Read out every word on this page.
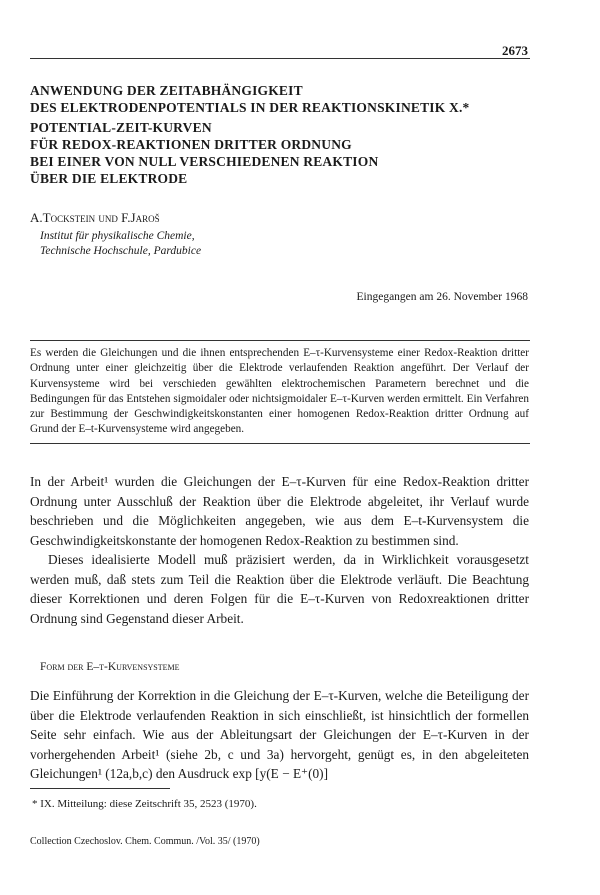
2673
ANWENDUNG DER ZEITABHÄNGIGKEIT
DES ELEKTRODENPOTENTIALS IN DER REAKTIONSKINETIK X.*
POTENTIAL-ZEIT-KURVEN
FÜR REDOX-REAKTIONEN DRITTER ORDNUNG
BEI EINER VON NULL VERSCHIEDENEN REAKTION
ÜBER DIE ELEKTRODE
A.Tockstein und F.Jaroš
Institut für physikalische Chemie,
Technische Hochschule, Pardubice
Eingegangen am 26. November 1968
Es werden die Gleichungen und die ihnen entsprechenden E–τ-Kurvensysteme einer Redox-Reaktion dritter Ordnung unter einer gleichzeitig über die Elektrode verlaufenden Reaktion angeführt. Der Verlauf der Kurvensysteme wird bei verschieden gewählten elektrochemischen Parametern berechnet und die Bedingungen für das Entstehen sigmoidaler oder nichtsigmoidaler E–τ-Kurven werden ermittelt. Ein Verfahren zur Bestimmung der Geschwindigkeitskonstanten einer homogenen Redox-Reaktion dritter Ordnung auf Grund der E–t-Kurvensysteme wird angegeben.

In der Arbeit¹ wurden die Gleichungen der E–τ-Kurven für eine Redox-Reaktion dritter Ordnung unter Ausschluß der Reaktion über die Elektrode abgeleitet, ihr Verlauf wurde beschrieben und die Möglichkeiten angegeben, wie aus dem E–t-Kurvensystem die Geschwindigkeitskonstante der homogenen Redox-Reaktion zu bestimmen sind.

Dieses idealisierte Modell muß präzisiert werden, da in Wirklichkeit vorausgesetzt werden muß, daß stets zum Teil die Reaktion über die Elektrode verläuft. Die Beachtung dieser Korrektionen und deren Folgen für die E–τ-Kurven von Redoxreaktionen dritter Ordnung sind Gegenstand dieser Arbeit.

Form der E–τ-Kurvensysteme

Die Einführung der Korrektion in die Gleichung der E–τ-Kurven, welche die Beteiligung der über die Elektrode verlaufenden Reaktion in sich einschließt, ist hinsichtlich der formellen Seite sehr einfach. Wie aus der Ableitungsart der Gleichungen der E–τ-Kurven in der vorhergehenden Arbeit¹ (siehe 2b, c und 3a) hervorgeht, genügt es, in den abgeleiteten Gleichungen¹ (12a,b,c) den Ausdruck exp [y(E − E⁺(0)]

* IX. Mitteilung: diese Zeitschrift 35, 2523 (1970).
Collection Czechoslov. Chem. Commun. /Vol. 35/ (1970)
